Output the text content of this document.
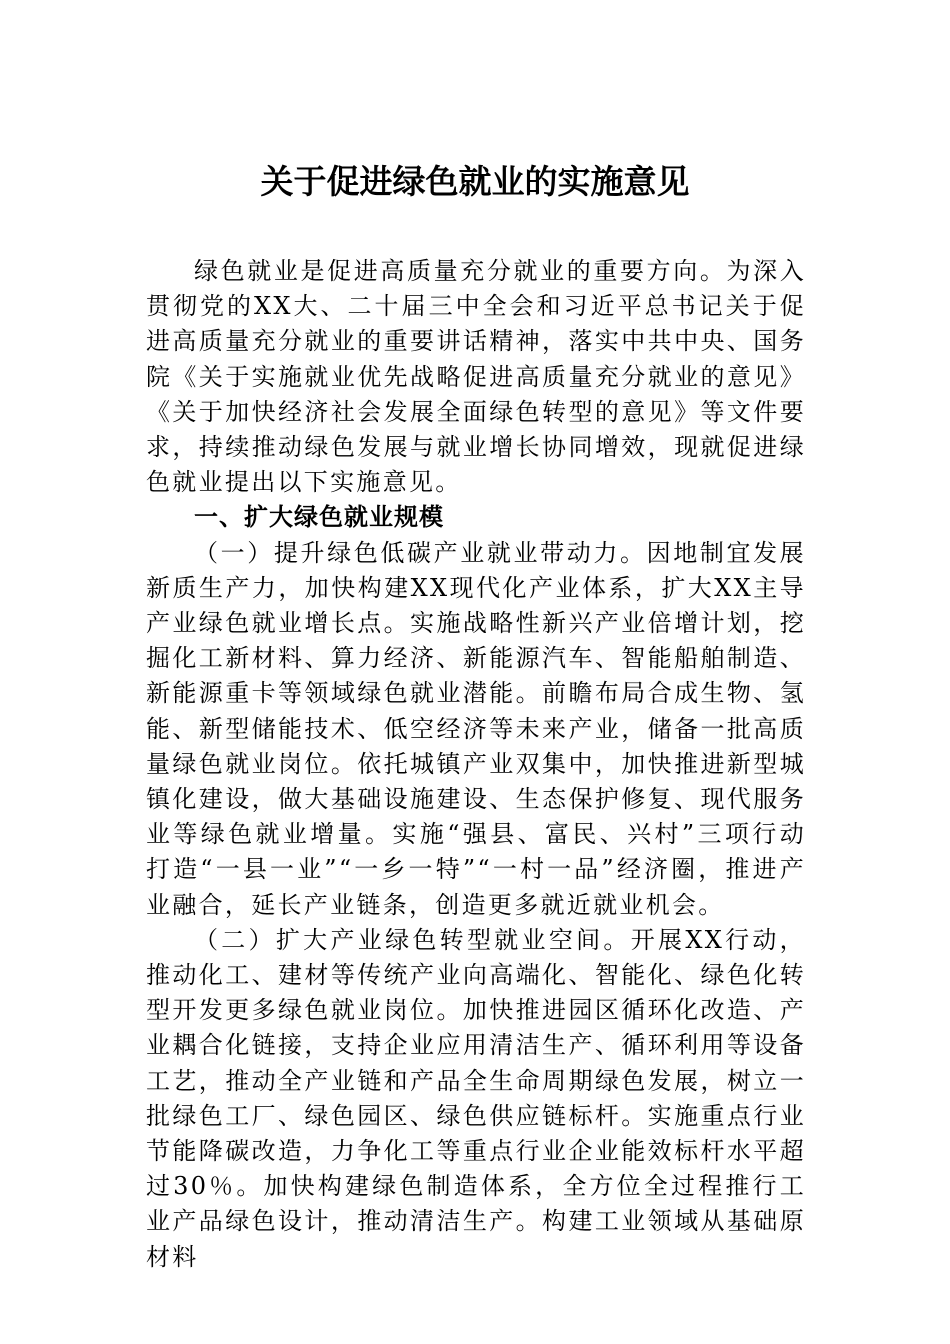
关于促进绿色就业的实施意见

绿色就业是促进高质量充分就业的重要方向。为深入贯彻党的XX大、二十届三中全会和习近平总书记关于促进高质量充分就业的重要讲话精神，落实中共中央、国务院《关于实施就业优先战略促进高质量充分就业的意见》《关于加快经济社会发展全面绿色转型的意见》等文件要求，持续推动绿色发展与就业增长协同增效，现就促进绿色就业提出以下实施意见。

一、扩大绿色就业规模

（一）提升绿色低碳产业就业带动力。因地制宜发展新质生产力，加快构建XX现代化产业体系，扩大XX主导产业绿色就业增长点。实施战略性新兴产业倍增计划，挖掘化工新材料、算力经济、新能源汽车、智能船舶制造、新能源重卡等领域绿色就业潜能。前瞻布局合成生物、氢能、新型储能技术、低空经济等未来产业，储备一批高质量绿色就业岗位。依托城镇产业双集中，加快推进新型城镇化建设，做大基础设施建设、生态保护修复、现代服务业等绿色就业增量。实施“强县、富民、兴村”三项行动打造“一县一业”“一乡一特”“一村一品”经济圈，推进产业融合，延长产业链条，创造更多就近就业机会。

（二）扩大产业绿色转型就业空间。开展XX行动，推动化工、建材等传统产业向高端化、智能化、绿色化转型开发更多绿色就业岗位。加快推进园区循环化改造、产业耦合化链接，支持企业应用清洁生产、循环利用等设备工艺，推动全产业链和产品全生命周期绿色发展，树立一批绿色工厂、绿色园区、绿色供应链标杆。实施重点行业节能降碳改造，力争化工等重点行业企业能效标杆水平超过30％。加快构建绿色制造体系，全方位全过程推行工业产品绿色设计，推动清洁生产。构建工业领域从基础原材料
